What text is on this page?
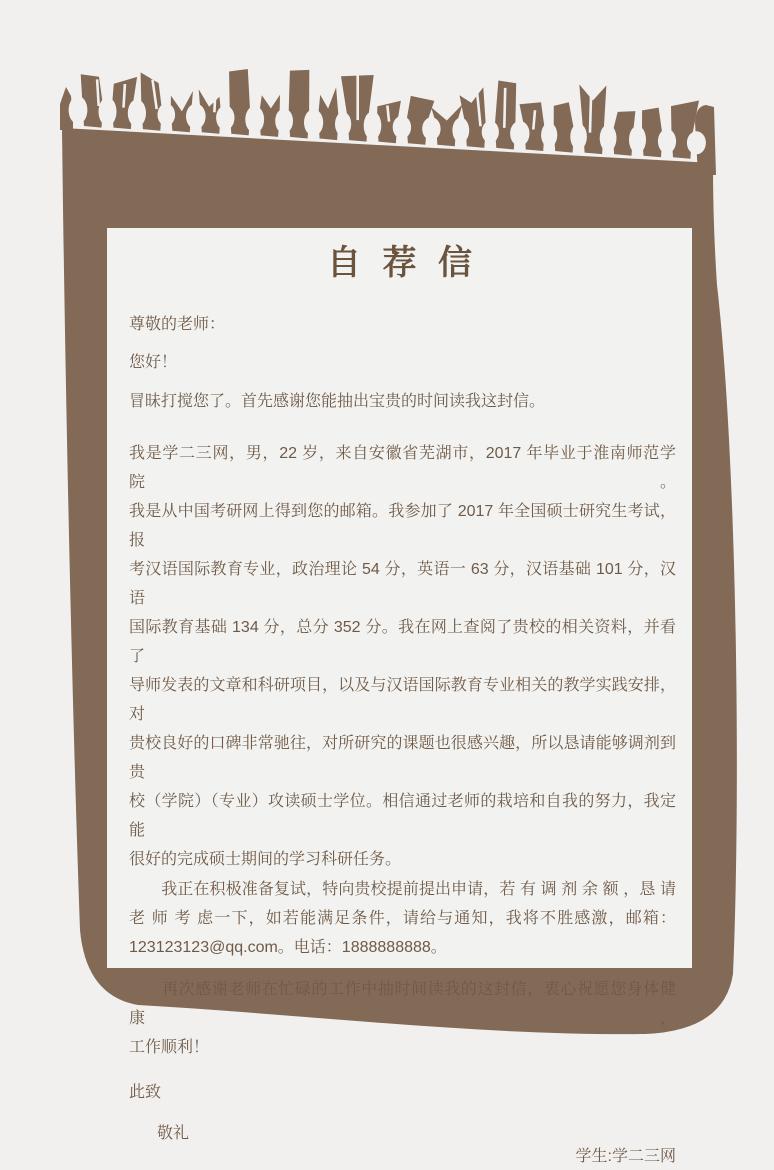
自 荐 信
尊敬的老师：
您好！
冒昧打搅您了。首先感谢您能抽出宝贵的时间读我这封信。
我是学二三网，男，22 岁，来自安徽省芜湖市，2017 年毕业于淮南师范学院。
我是从中国考研网上得到您的邮箱。我参加了 2017 年全国硕士研究生考试，报
考汉语国际教育专业，政治理论 54 分，英语一 63 分，汉语基础 101 分，汉语
国际教育基础 134 分，总分 352 分。我在网上查阅了贵校的相关资料，并看了
导师发表的文章和科研项目，以及与汉语国际教育专业相关的教学实践安排，对
贵校良好的口碑非常驰往，对所研究的课题也很感兴趣，所以恳请能够调剂到贵
校（学院）（专业）攻读硕士学位。相信通过老师的栽培和自我的努力，我定能
很好的完成硕士期间的学习科研任务。
　　我正在积极准备复试，特向贵校提前提出申请，若 有 调 剂 余 额 ，恳 请
老 师 考 虑一下，如若能满足条件，请给与通知，我将不胜感激，邮箱：
123123123@qq.com。电话：1888888888。
　　再次感谢老师在忙碌的工作中抽时间读我的这封信，衷心祝愿您身体健康，
工作顺利！
此致
敬礼
学生:学二三网
